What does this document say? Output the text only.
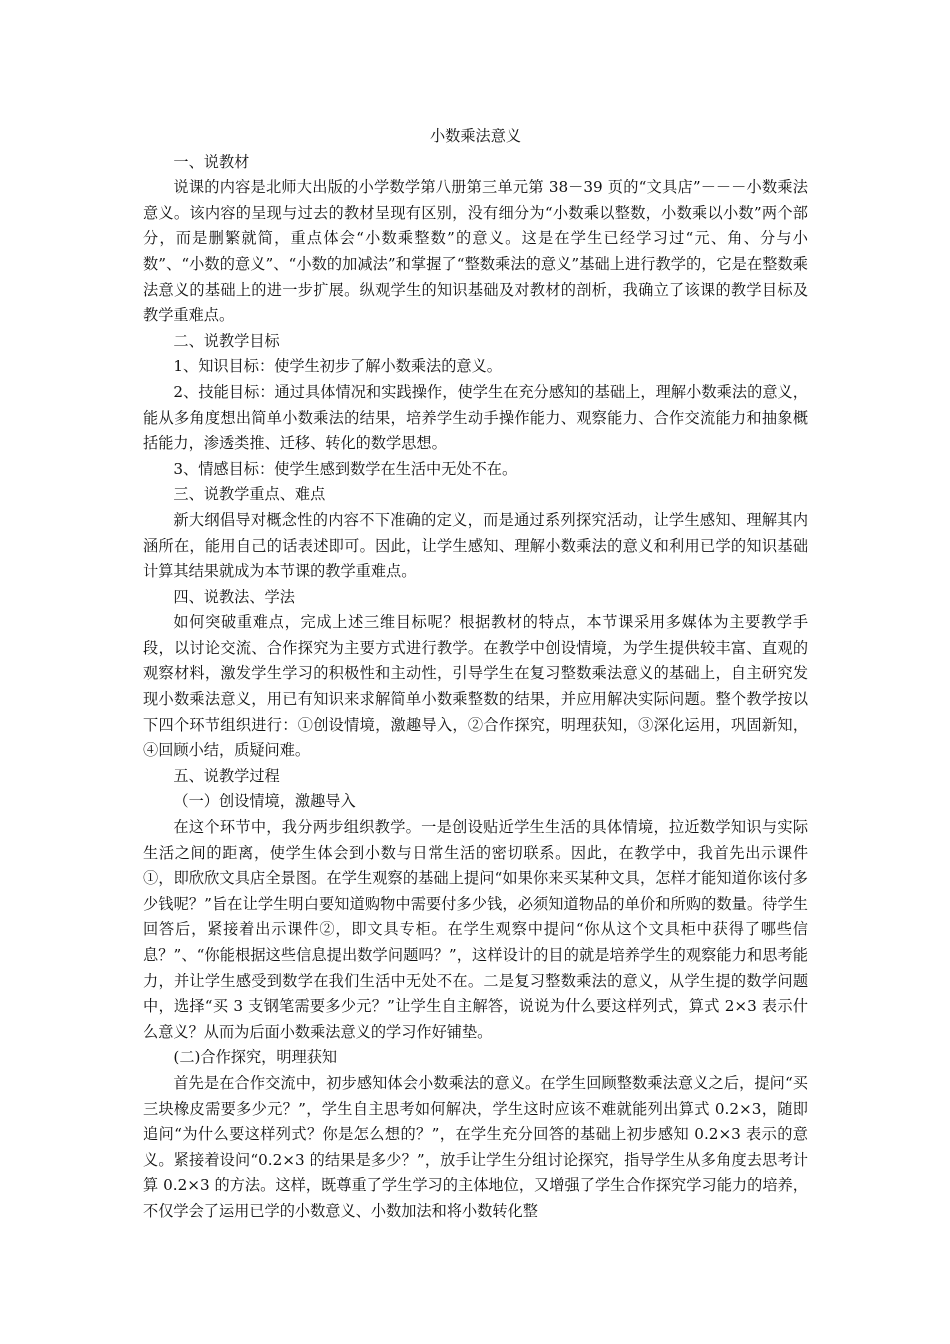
小数乘法意义

一、说教材

说课的内容是北师大出版的小学数学第八册第三单元第 38－39 页的“文具店”－－－小数乘法意义。该内容的呈现与过去的教材呈现有区别，没有细分为“小数乘以整数，小数乘以小数”两个部分，而是删繁就简，重点体会“小数乘整数”的意义。这是在学生已经学习过“元、角、分与小数”、“小数的意义”、“小数的加减法”和掌握了“整数乘法的意义”基础上进行教学的，它是在整数乘法意义的基础上的进一步扩展。纵观学生的知识基础及对教材的剖析，我确立了该课的教学目标及教学重难点。

二、说教学目标

1、知识目标：使学生初步了解小数乘法的意义。

2、技能目标：通过具体情况和实践操作，使学生在充分感知的基础上，理解小数乘法的意义，能从多角度想出简单小数乘法的结果，培养学生动手操作能力、观察能力、合作交流能力和抽象概括能力，渗透类推、迁移、转化的数学思想。

3、情感目标：使学生感到数学在生活中无处不在。

三、说教学重点、难点

新大纲倡导对概念性的内容不下准确的定义，而是通过系列探究活动，让学生感知、理解其内涵所在，能用自己的话表述即可。因此，让学生感知、理解小数乘法的意义和利用已学的知识基础计算其结果就成为本节课的教学重难点。

四、说教法、学法

如何突破重难点，完成上述三维目标呢？根据教材的特点，本节课采用多媒体为主要教学手段，以讨论交流、合作探究为主要方式进行教学。在教学中创设情境，为学生提供较丰富、直观的观察材料，激发学生学习的积极性和主动性，引导学生在复习整数乘法意义的基础上，自主研究发现小数乘法意义，用已有知识来求解简单小数乘整数的结果，并应用解决实际问题。整个教学按以下四个环节组织进行：①创设情境，激趣导入，②合作探究，明理获知，③深化运用，巩固新知，④回顾小结，质疑问难。

五、说教学过程

（一）创设情境，激趣导入

在这个环节中，我分两步组织教学。一是创设贴近学生生活的具体情境，拉近数学知识与实际生活之间的距离，使学生体会到小数与日常生活的密切联系。因此，在教学中，我首先出示课件①，即欣欣文具店全景图。在学生观察的基础上提问“如果你来买某种文具，怎样才能知道你该付多少钱呢？”旨在让学生明白要知道购物中需要付多少钱，必须知道物品的单价和所购的数量。待学生回答后，紧接着出示课件②，即文具专柜。在学生观察中提问“你从这个文具柜中获得了哪些信息？”、“你能根据这些信息提出数学问题吗？”，这样设计的目的就是培养学生的观察能力和思考能力，并让学生感受到数学在我们生活中无处不在。二是复习整数乘法的意义，从学生提的数学问题中，选择“买 3 支钢笔需要多少元？”让学生自主解答，说说为什么要这样列式，算式 2×3 表示什么意义？从而为后面小数乘法意义的学习作好铺垫。

(二)合作探究，明理获知

首先是在合作交流中，初步感知体会小数乘法的意义。在学生回顾整数乘法意义之后，提问“买三块橡皮需要多少元？”，学生自主思考如何解决，学生这时应该不难就能列出算式 0.2×3，随即追问“为什么要这样列式？你是怎么想的？”，在学生充分回答的基础上初步感知 0.2×3 表示的意义。紧接着设问“0.2×3 的结果是多少？”，放手让学生分组讨论探究，指导学生从多角度去思考计算 0.2×3 的方法。这样，既尊重了学生学习的主体地位，又增强了学生合作探究学习能力的培养，不仅学会了运用已学的小数意义、小数加法和将小数转化整
